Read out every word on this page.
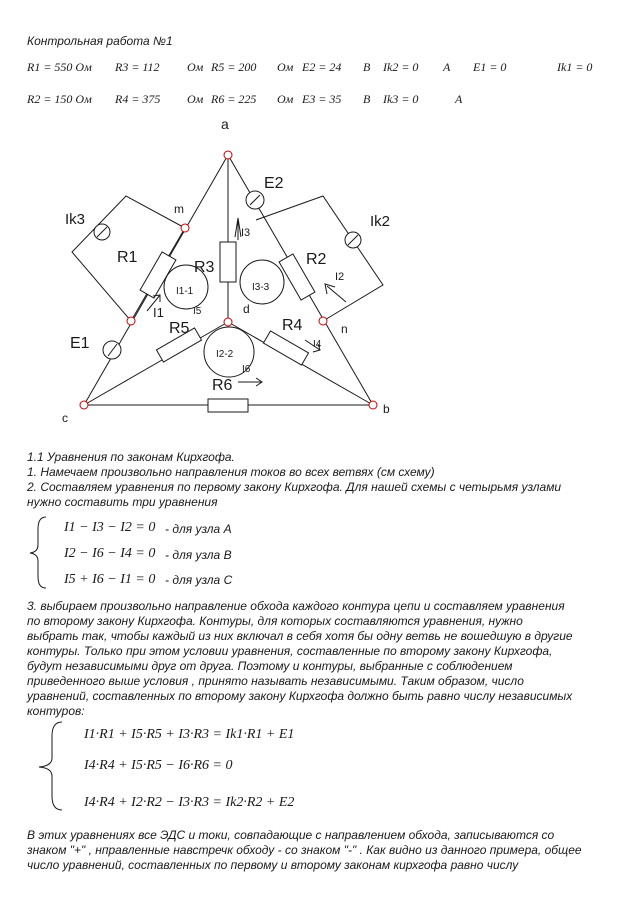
Контрольная работа №1
R1 = 550 Ом R3 = 112 Ом R5 = 200 Ом E2 = 24 В Ik2 = 0 А E1 = 0	Ik1 = 0
R2 = 150 Ом R4 = 375 Ом R6 = 225 Ом E3 = 35 В Ik3 = 0	А
a
b
c
d
m
n
E2
Ik3	Ik2
R1
R3	R2
I3
I2
I1-1	I3-3
I5
I1
E1
R5	R4
I4
I2-2
I6
R6
1.1 Уравнения по законам Кирхгофа.
1. Намечаем произвольно направления токов во всех ветвях (см схему)
2. Составляем уравнения по первому закону Кирхгофа. Для нашей схемы с четырьмя узлами
нужно составить три уравнения
I1 − I3 − I2 = 0 - для узла A
I2 − I6 − I4 = 0 - для узла B
I5 + I6 − I1 = 0 - для узла C
3. выбираем произвольно направление обхода каждого контура цепи и составляем уравнения
по второму закону Кирхгофа. Контуры, для которых составляются уравнения, нужно
выбрать так, чтобы каждый из них включал в себя хотя бы одну ветвь не вошедшую в другие
контуры. Только при этом условии уравнения, составленные по второму закону Кирхгофа,
будут независимыми друг от друга. Поэтому и контуры, выбранные с соблюдением
приведенного выше условия , принято называть независимыми. Таким образом, число
уравнений, составленных по второму закону Кирхгофа должно быть равно числу независимых
контуров:
I1·R1 + I5·R5 + I3·R3 = Ik1·R1 + E1
I4·R4 + I5·R5 − I6·R6 = 0
I4·R4 + I2·R2 − I3·R3 = Ik2·R2 + E2
В этих уравнениях все ЭДС и токи, совпадающие с направлением обхода, записываются со
знаком "+" , нправленные навстречк обходу - со знаком "-" . Как видно из данного примера, общее
число уравнений, составленных по первому и второму законам кирхгофа равно числу
